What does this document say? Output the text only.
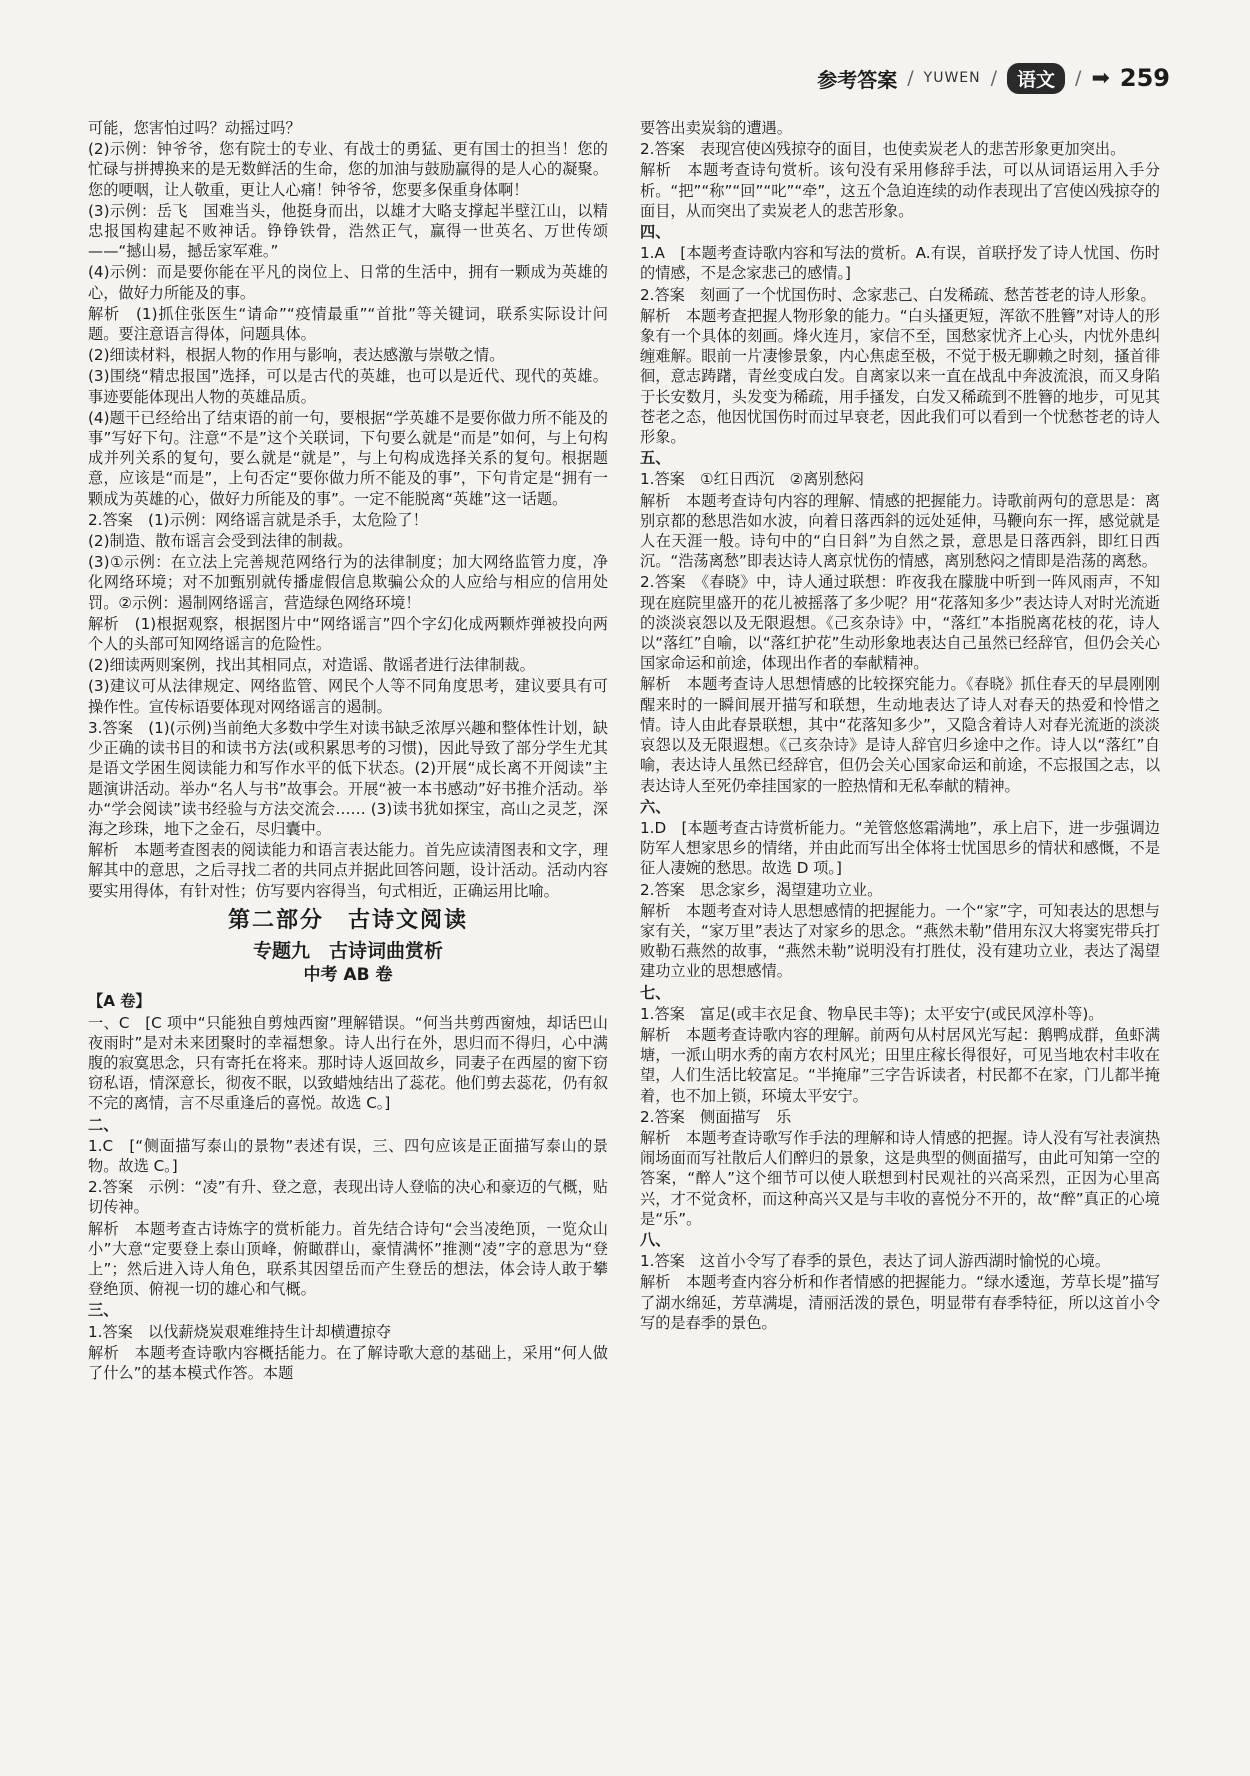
参考答案 / YUWEN /	语文	/ ➡ 259

可能，您害怕过吗？动摇过吗？

(2)示例：钟爷爷，您有院士的专业、有战士的勇猛、更有国士的担当！您的忙碌与拼搏换来的是无数鲜活的生命，您的加油与鼓励赢得的是人心的凝聚。您的哽咽，让人敬重，更让人心痛！钟爷爷，您要多保重身体啊！

(3)示例：岳飞　国难当头，他挺身而出，以雄才大略支撑起半壁江山，以精忠报国构建起不败神话。铮铮铁骨，浩然正气，赢得一世英名、万世传颂——“撼山易，撼岳家军难。”

(4)示例：而是要你能在平凡的岗位上、日常的生活中，拥有一颗成为英雄的心，做好力所能及的事。

解析　(1)抓住张医生“请命”“疫情最重”“首批”等关键词，联系实际设计问题。要注意语言得体，问题具体。

(2)细读材料，根据人物的作用与影响，表达感激与崇敬之情。

(3)围绕“精忠报国”选择，可以是古代的英雄，也可以是近代、现代的英雄。事迹要能体现出人物的英雄品质。

(4)题干已经给出了结束语的前一句，要根据“学英雄不是要你做力所不能及的事”写好下句。注意“不是”这个关联词，下句要么就是“而是”如何，与上句构成并列关系的复句，要么就是“就是”，与上句构成选择关系的复句。根据题意，应该是“而是”，上句否定“要你做力所不能及的事”，下句肯定是“拥有一颗成为英雄的心，做好力所能及的事”。一定不能脱离“英雄”这一话题。

2.答案　(1)示例：网络谣言就是杀手，太危险了！

(2)制造、散布谣言会受到法律的制裁。

(3)①示例：在立法上完善规范网络行为的法律制度；加大网络监管力度，净化网络环境；对不加甄别就传播虚假信息欺骗公众的人应给与相应的信用处罚。②示例：遏制网络谣言，营造绿色网络环境！

解析　(1)根据观察，根据图片中“网络谣言”四个字幻化成两颗炸弹被投向两个人的头部可知网络谣言的危险性。

(2)细读两则案例，找出其相同点，对造谣、散谣者进行法律制裁。

(3)建议可从法律规定、网络监管、网民个人等不同角度思考，建议要具有可操作性。宣传标语要体现对网络谣言的遏制。

3.答案　(1)(示例)当前绝大多数中学生对读书缺乏浓厚兴趣和整体性计划，缺少正确的读书目的和读书方法(或积累思考的习惯)，因此导致了部分学生尤其是语文学困生阅读能力和写作水平的低下状态。(2)开展“成长离不开阅读”主题演讲活动。举办“名人与书”故事会。开展“被一本书感动”好书推介活动。举办“学会阅读”读书经验与方法交流会…… (3)读书犹如探宝，高山之灵芝，深海之珍珠，地下之金石，尽归囊中。

解析　本题考查图表的阅读能力和语言表达能力。首先应读清图表和文字，理解其中的意思，之后寻找二者的共同点并据此回答问题，设计活动。活动内容要实用得体，有针对性；仿写要内容得当，句式相近，正确运用比喻。

第二部分　古诗文阅读
专题九　古诗词曲赏析
中考 AB 卷

【A 卷】

一、C　[C 项中“只能独自剪烛西窗”理解错误。“何当共剪西窗烛，却话巴山夜雨时”是对未来团聚时的幸福想象。诗人出行在外，思归而不得归，心中满腹的寂寞思念，只有寄托在将来。那时诗人返回故乡，同妻子在西屋的窗下窃窃私语，情深意长，彻夜不眠，以致蜡烛结出了蕊花。他们剪去蕊花，仍有叙不完的离情，言不尽重逢后的喜悦。故选 C。]

二、

1.C　[“侧面描写泰山的景物”表述有误，三、四句应该是正面描写泰山的景物。故选 C。]

2.答案　示例：“凌”有升、登之意，表现出诗人登临的决心和豪迈的气概，贴切传神。

解析　本题考查古诗炼字的赏析能力。首先结合诗句“会当凌绝顶，一览众山小”大意“定要登上泰山顶峰，俯瞰群山，豪情满怀”推测“凌”字的意思为“登上”；然后进入诗人角色，联系其因望岳而产生登岳的想法，体会诗人敢于攀登绝顶、俯视一切的雄心和气概。

三、

1.答案　以伐薪烧炭艰难维持生计却横遭掠夺

解析　本题考查诗歌内容概括能力。在了解诗歌大意的基础上，采用“何人做了什么”的基本模式作答。本题

要答出卖炭翁的遭遇。

2.答案　表现宫使凶残掠夺的面目，也使卖炭老人的悲苦形象更加突出。

解析　本题考查诗句赏析。该句没有采用修辞手法，可以从词语运用入手分析。“把”“称”“回”“叱”“牵”，这五个急迫连续的动作表现出了宫使凶残掠夺的面目，从而突出了卖炭老人的悲苦形象。

四、

1.A　[本题考查诗歌内容和写法的赏析。A.有误，首联抒发了诗人忧国、伤时的情感，不是念家悲己的感情。]

2.答案　刻画了一个忧国伤时、念家悲己、白发稀疏、愁苦苍老的诗人形象。

解析　本题考查把握人物形象的能力。“白头搔更短，浑欲不胜簪”对诗人的形象有一个具体的刻画。烽火连月，家信不至，国愁家忧齐上心头，内忧外患纠缠难解。眼前一片凄惨景象，内心焦虑至极，不觉于极无聊赖之时刻，搔首徘徊，意志踌躇，青丝变成白发。自离家以来一直在战乱中奔波流浪，而又身陷于长安数月，头发变为稀疏，用手搔发，白发又稀疏到不胜簪的地步，可见其苍老之态，他因忧国伤时而过早衰老，因此我们可以看到一个忧愁苍老的诗人形象。

五、

1.答案　①红日西沉　②离别愁闷

解析　本题考查诗句内容的理解、情感的把握能力。诗歌前两句的意思是：离别京都的愁思浩如水波，向着日落西斜的远处延伸，马鞭向东一挥，感觉就是人在天涯一般。诗句中的“白日斜”为自然之景，意思是日落西斜，即红日西沉。“浩荡离愁”即表达诗人离京忧伤的情感，离别愁闷之情即是浩荡的离愁。

2.答案　《春晓》中，诗人通过联想：昨夜我在朦胧中听到一阵风雨声，不知现在庭院里盛开的花儿被摇落了多少呢？用“花落知多少”表达诗人对时光流逝的淡淡哀怨以及无限遐想。《己亥杂诗》中，“落红”本指脱离花枝的花，诗人以“落红”自喻，以“落红护花”生动形象地表达自己虽然已经辞官，但仍会关心国家命运和前途，体现出作者的奉献精神。

解析　本题考查诗人思想情感的比较探究能力。《春晓》抓住春天的早晨刚刚醒来时的一瞬间展开描写和联想，生动地表达了诗人对春天的热爱和怜惜之情。诗人由此春景联想，其中“花落知多少”，又隐含着诗人对春光流逝的淡淡哀怨以及无限遐想。《己亥杂诗》是诗人辞官归乡途中之作。诗人以“落红”自喻，表达诗人虽然已经辞官，但仍会关心国家命运和前途，不忘报国之志，以表达诗人至死仍牵挂国家的一腔热情和无私奉献的精神。

六、

1.D　[本题考查古诗赏析能力。“羌管悠悠霜满地”，承上启下，进一步强调边防军人想家思乡的情绪，并由此而写出全体将士忧国思乡的情状和感慨，不是征人凄婉的愁思。故选 D 项。]

2.答案　思念家乡，渴望建功立业。

解析　本题考查对诗人思想感情的把握能力。一个“家”字，可知表达的思想与家有关，“家万里”表达了对家乡的思念。“燕然未勒”借用东汉大将窦宪带兵打败勒石燕然的故事，“燕然未勒”说明没有打胜仗，没有建功立业，表达了渴望建功立业的思想感情。

七、

1.答案　富足(或丰衣足食、物阜民丰等)；太平安宁(或民风淳朴等)。

解析　本题考查诗歌内容的理解。前两句从村居风光写起：鹅鸭成群，鱼虾满塘，一派山明水秀的南方农村风光；田里庄稼长得很好，可见当地农村丰收在望，人们生活比较富足。“半掩扉”三字告诉读者，村民都不在家，门儿都半掩着，也不加上锁，环境太平安宁。

2.答案　侧面描写　乐

解析　本题考查诗歌写作手法的理解和诗人情感的把握。诗人没有写社表演热闹场面而写社散后人们醉归的景象，这是典型的侧面描写，由此可知第一空的答案，“醉人”这个细节可以使人联想到村民观社的兴高采烈，正因为心里高兴，才不觉贪杯，而这种高兴又是与丰收的喜悦分不开的，故“醉”真正的心境是“乐”。

八、

1.答案　这首小令写了春季的景色，表达了词人游西湖时愉悦的心境。

解析　本题考查内容分析和作者情感的把握能力。“绿水逶迤，芳草长堤”描写了湖水绵延，芳草满堤，清丽活泼的景色，明显带有春季特征，所以这首小令写的是春季的景色。
